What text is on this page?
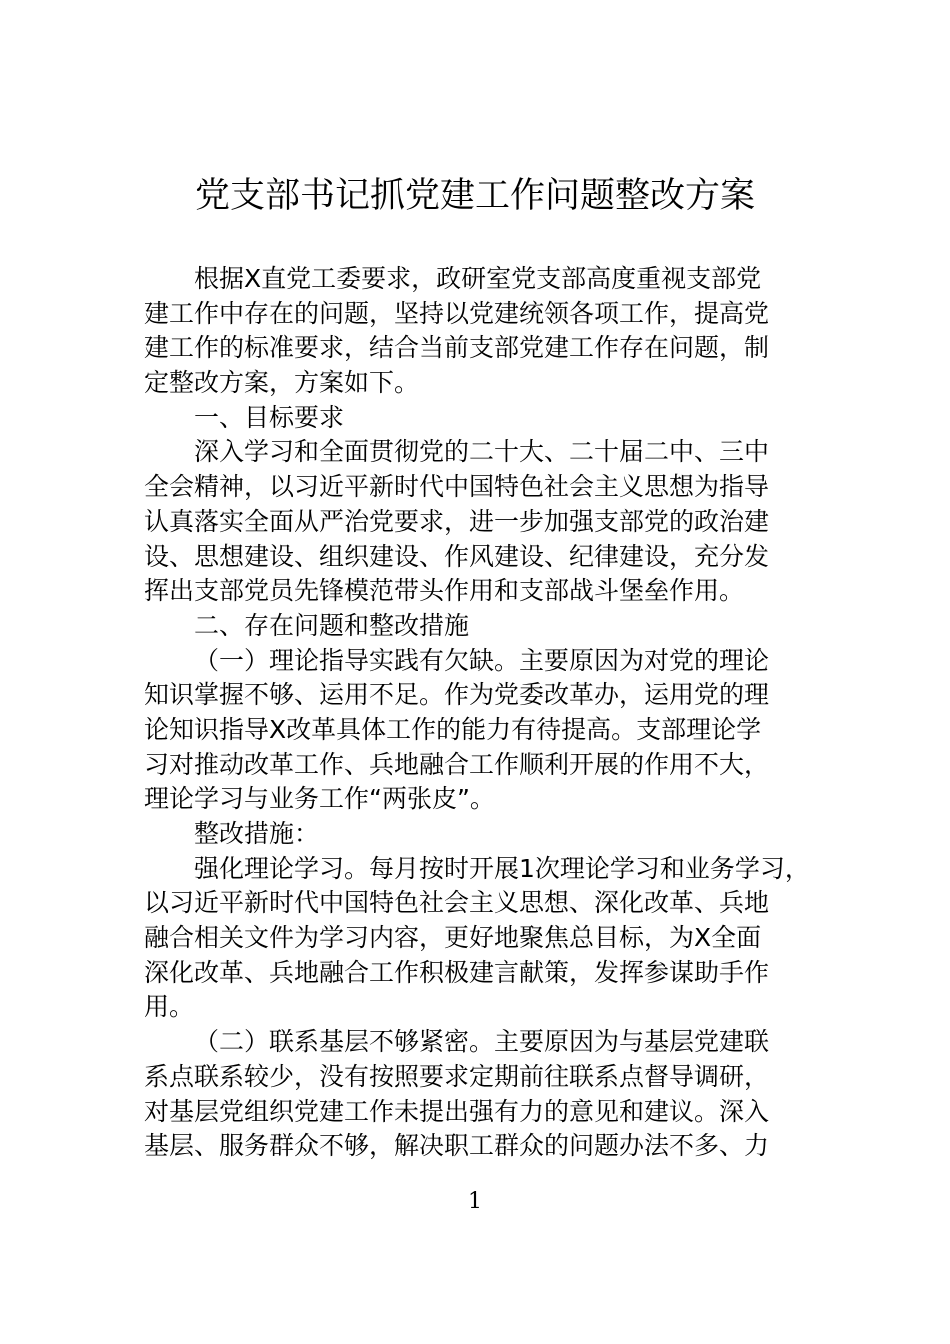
党支部书记抓党建工作问题整改方案
根据X直党工委要求，政研室党支部高度重视支部党
建工作中存在的问题，坚持以党建统领各项工作，提高党
建工作的标准要求，结合当前支部党建工作存在问题，制
定整改方案，方案如下。
一、目标要求
深入学习和全面贯彻党的二十大、二十届二中、三中
全会精神，以习近平新时代中国特色社会主义思想为指导
认真落实全面从严治党要求，进一步加强支部党的政治建
设、思想建设、组织建设、作风建设、纪律建设，充分发
挥出支部党员先锋模范带头作用和支部战斗堡垒作用。
二、存在问题和整改措施
（一）理论指导实践有欠缺。主要原因为对党的理论
知识掌握不够、运用不足。作为党委改革办，运用党的理
论知识指导X改革具体工作的能力有待提高。支部理论学
习对推动改革工作、兵地融合工作顺利开展的作用不大，
理论学习与业务工作“两张皮”。
整改措施：
强化理论学习。每月按时开展1次理论学习和业务学习，
以习近平新时代中国特色社会主义思想、深化改革、兵地
融合相关文件为学习内容，更好地聚焦总目标，为X全面
深化改革、兵地融合工作积极建言献策，发挥参谋助手作
用。
（二）联系基层不够紧密。主要原因为与基层党建联
系点联系较少，没有按照要求定期前往联系点督导调研，
对基层党组织党建工作未提出强有力的意见和建议。深入
基层、服务群众不够，解决职工群众的问题办法不多、力
1
